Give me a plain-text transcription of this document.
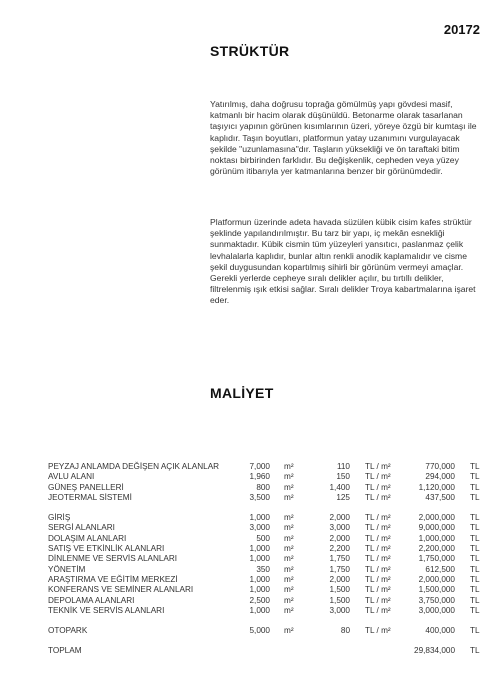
20172
STRÜKTÜR
Yatırılmış, daha doğrusu toprağa gömülmüş yapı gövdesi masif, katmanlı bir hacim olarak düşünüldü. Betonarme olarak tasarlanan taşıyıcı yapının görünen kısımlarının üzeri, yöreye özgü bir kumtaşı ile kaplıdır. Taşın boyutları, platformun yatay uzanımını vurgulayacak şekilde "uzunlamasına"dır. Taşların yüksekliği ve ön taraftaki bitim noktası birbirinden farklıdır. Bu değişkenlik, cepheden veya yüzey görünüm itibarıyla yer katmanlarına benzer bir görünümdedir.
Platformun üzerinde adeta havada süzülen kübik cisim kafes strüktür şeklinde yapılandırılmıştır. Bu tarz bir yapı, iç mekân esnekliği sunmaktadır. Kübik cismin tüm yüzeyleri yansıtıcı, paslanmaz çelik levhalalarla kaplıdır, bunlar altın renkli anodik kaplamalıdır ve cisme şekil duygusundan kopartılmış sihirli bir görünüm vermeyi amaçlar. Gerekli yerlerde cepheye sıralı delikler açılır, bu tırtıllı delikler, filtrelenmiş ışık etkisi sağlar. Sıralı delikler Troya kabartmalarına işaret eder.
MALİYET
PEYZAJ ANLAMDA DEĞİŞEN AÇIK ALANLAR	7,000 m²	110 TL / m²	770,000 TL
AVLU ALANI	1,960 m²	150 TL / m²	294,000 TL
GÜNEŞ PANELLERİ	800 m²	1,400 TL / m²	1,120,000 TL
JEOTERMAL SİSTEMİ	3,500 m²	125 TL / m²	437,500 TL
GİRİŞ	1,000 m²	2,000 TL / m²	2,000,000 TL
SERGİ ALANLARI	3,000 m²	3,000 TL / m²	9,000,000 TL
DOLAŞIM ALANLARI	500 m²	2,000 TL / m²	1,000,000 TL
SATIŞ VE ETKİNLİK ALANLARI	1,000 m²	2,200 TL / m²	2,200,000 TL
DİNLENME VE SERVİS ALANLARI	1,000 m²	1,750 TL / m²	1,750,000 TL
YÖNETİM	350 m²	1,750 TL / m²	612,500 TL
ARAŞTIRMA VE EĞİTİM MERKEZİ	1,000 m²	2,000 TL / m²	2,000,000 TL
KONFERANS VE SEMİNER ALANLARI	1,000 m²	1,500 TL / m²	1,500,000 TL
DEPOLAMA ALANLARI	2,500 m²	1,500 TL / m²	3,750,000 TL
TEKNİK VE SERVİS ALANLARI	1,000 m²	3,000 TL / m²	3,000,000 TL
OTOPARK	5,000 m²	80 TL / m²	400,000 TL
TOPLAM	29,834,000 TL
